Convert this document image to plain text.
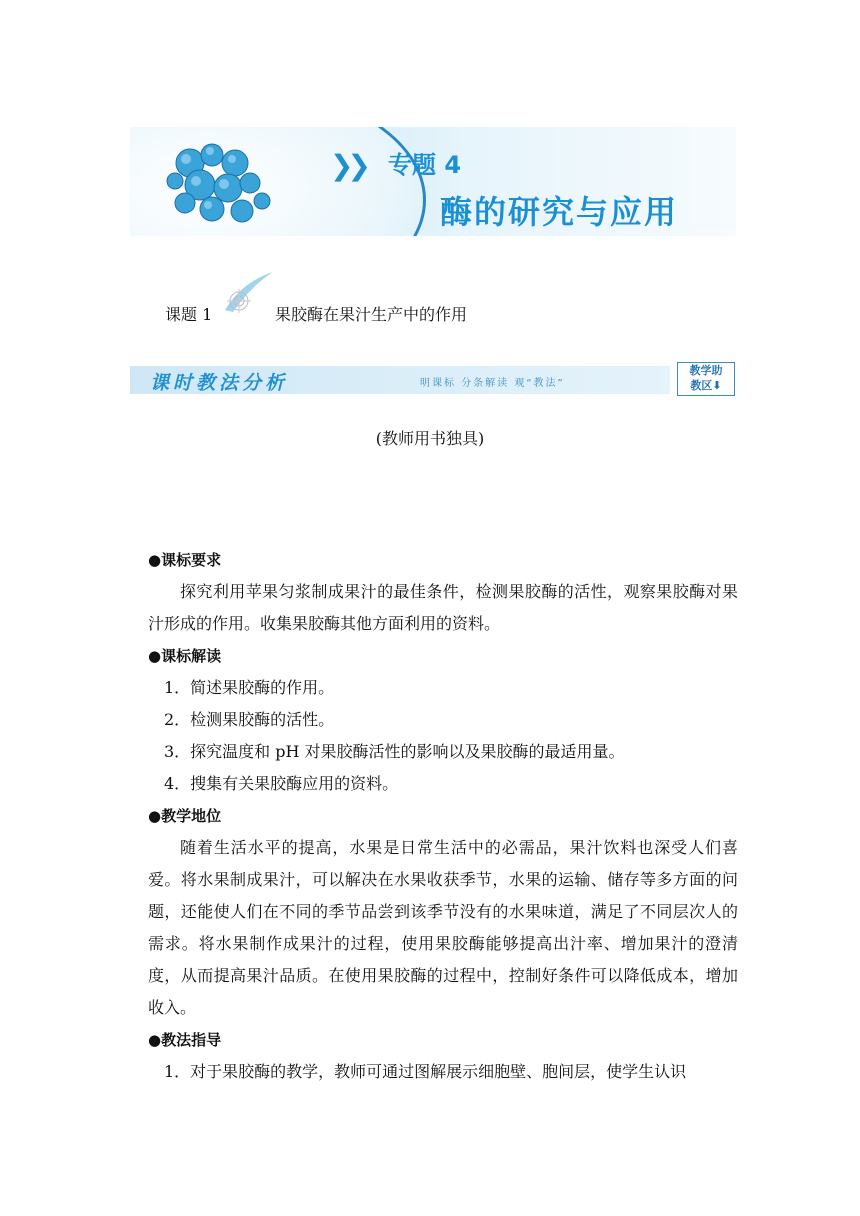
❯❯ 专题 4
酶的研究与应用
课题 1	果胶酶在果汁生产中的作用
课时教法分析	明课标 分条解读 观“教法”
教学助
教区⬇
(教师用书独具)
●课标要求

探究利用苹果匀浆制成果汁的最佳条件，检测果胶酶的活性，观察果胶酶对果汁形成的作用。收集果胶酶其他方面利用的资料。

●课标解读

1．简述果胶酶的作用。

2．检测果胶酶的活性。

3．探究温度和 pH 对果胶酶活性的影响以及果胶酶的最适用量。

4．搜集有关果胶酶应用的资料。

●教学地位

随着生活水平的提高，水果是日常生活中的必需品，果汁饮料也深受人们喜爱。将水果制成果汁，可以解决在水果收获季节，水果的运输、储存等多方面的问题，还能使人们在不同的季节品尝到该季节没有的水果味道，满足了不同层次人的需求。将水果制作成果汁的过程，使用果胶酶能够提高出汁率、增加果汁的澄清度，从而提高果汁品质。在使用果胶酶的过程中，控制好条件可以降低成本，增加收入。

●教法指导

1．对于果胶酶的教学，教师可通过图解展示细胞壁、胞间层，使学生认识
